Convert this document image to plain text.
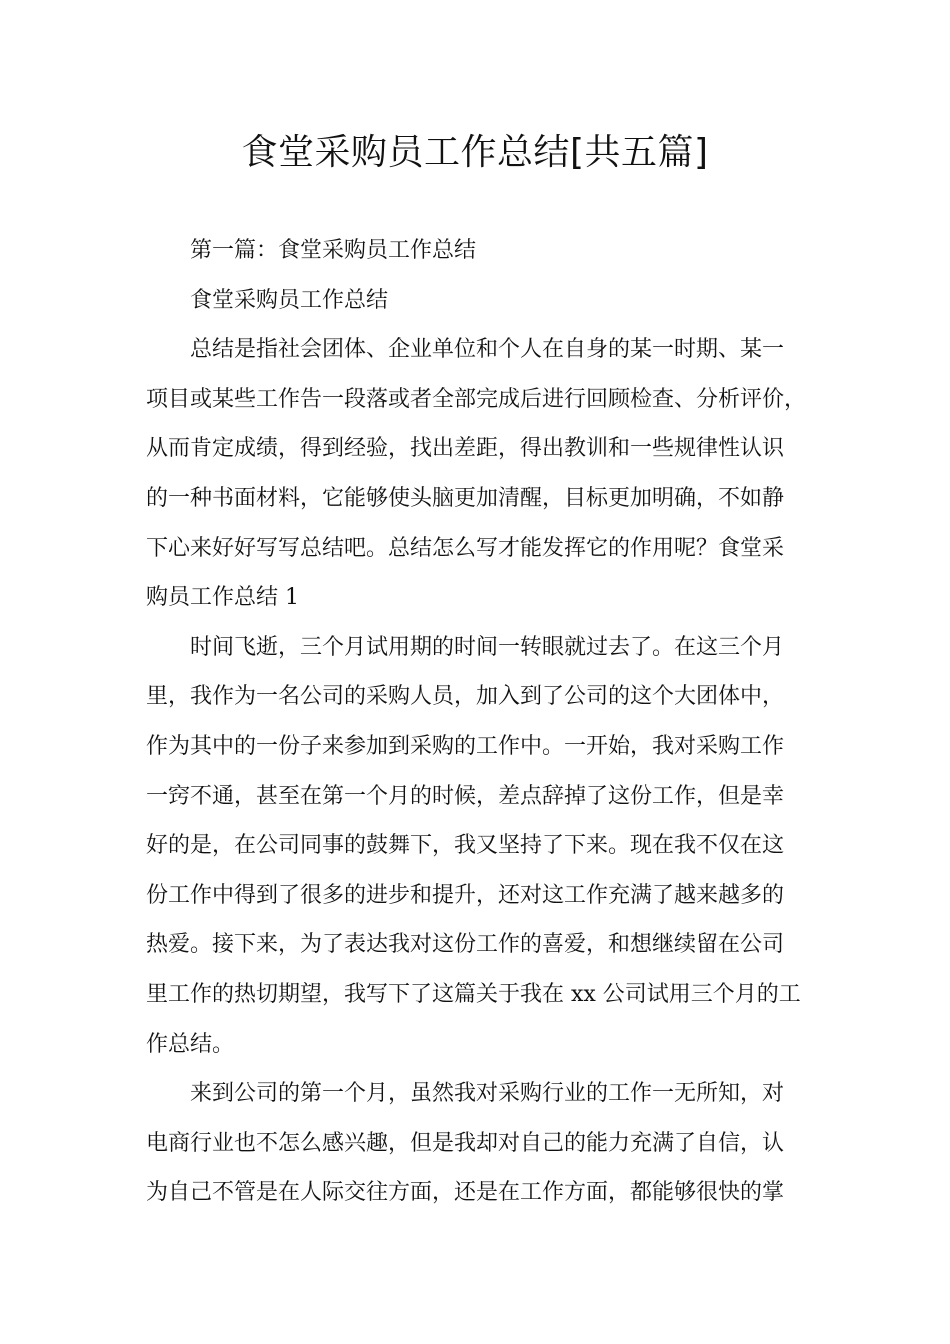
食堂采购员工作总结[共五篇]
第一篇：食堂采购员工作总结
食堂采购员工作总结
总结是指社会团体、企业单位和个人在自身的某一时期、某一
项目或某些工作告一段落或者全部完成后进行回顾检查、分析评价，
从而肯定成绩，得到经验，找出差距，得出教训和一些规律性认识
的一种书面材料，它能够使头脑更加清醒，目标更加明确，不如静
下心来好好写写总结吧。总结怎么写才能发挥它的作用呢？食堂采
购员工作总结 1
时间飞逝，三个月试用期的时间一转眼就过去了。在这三个月
里，我作为一名公司的采购人员，加入到了公司的这个大团体中，
作为其中的一份子来参加到采购的工作中。一开始，我对采购工作
一窍不通，甚至在第一个月的时候，差点辞掉了这份工作，但是幸
好的是，在公司同事的鼓舞下，我又坚持了下来。现在我不仅在这
份工作中得到了很多的进步和提升，还对这工作充满了越来越多的
热爱。接下来，为了表达我对这份工作的喜爱，和想继续留在公司
里工作的热切期望，我写下了这篇关于我在 xx 公司试用三个月的工
作总结。
来到公司的第一个月，虽然我对采购行业的工作一无所知，对
电商行业也不怎么感兴趣，但是我却对自己的能力充满了自信，认
为自己不管是在人际交往方面，还是在工作方面，都能够很快的掌
